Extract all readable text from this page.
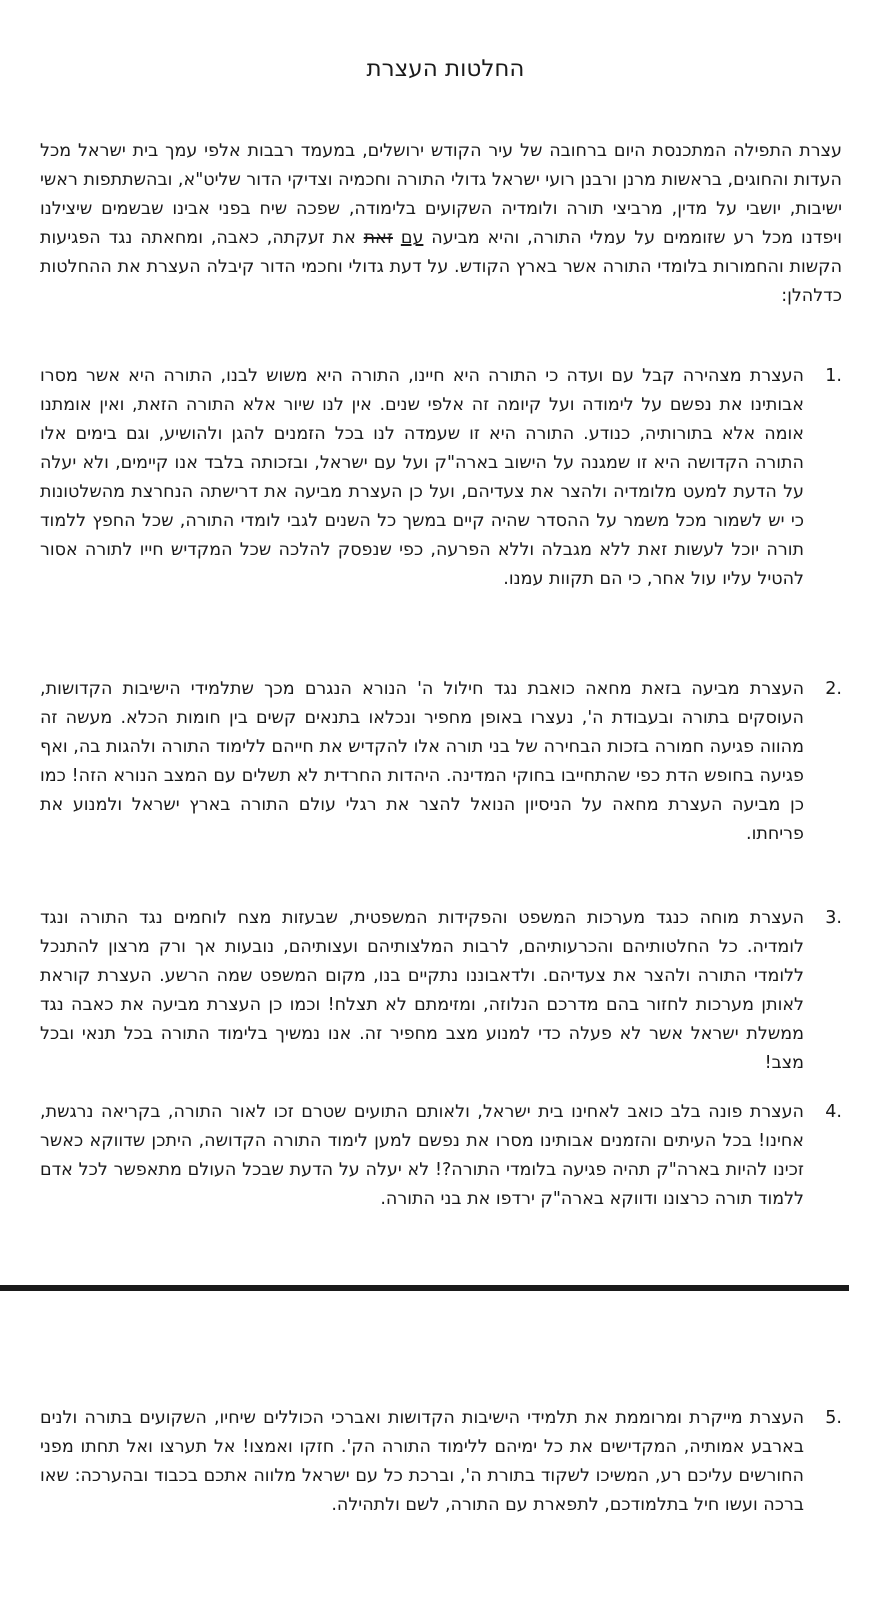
החלטות העצרת

עצרת התפילה המתכנסת היום ברחובה של עיר הקודש ירושלים, במעמד רבבות אלפי עמך בית ישראל מכל העדות והחוגים, בראשות מרנן ורבנן רועי ישראל גדולי התורה וחכמיה וצדיקי הדור שליט"א, ובהשתתפות ראשי ישיבות, יושבי על מדין, מרביצי תורה ולומדיה השקועים בלימודה, שפכה שיח בפני אבינו שבשמים שיצילנו ויפדנו מכל רע שזוממים על עמלי התורה, והיא מביעה עם זאת את זעקתה, כאבה, ומחאתה נגד הפגיעות הקשות והחמורות בלומדי התורה אשר בארץ הקודש. על דעת גדולי וחכמי הדור קיבלה העצרת את ההחלטות כדלהלן:

1.
העצרת מצהירה קבל עם ועדה כי התורה היא חיינו, התורה היא משוש לבנו, התורה היא אשר מסרו אבותינו את נפשם על לימודה ועל קיומה זה אלפי שנים. אין לנו שיור אלא התורה הזאת, ואין אומתנו אומה אלא בתורותיה, כנודע. התורה היא זו שעמדה לנו בכל הזמנים להגן ולהושיע, וגם בימים אלו התורה הקדושה היא זו שמגנה על הישוב בארה"ק ועל עם ישראל, ובזכותה בלבד אנו קיימים, ולא יעלה על הדעת למעט מלומדיה ולהצר את צעדיהם, ועל כן העצרת מביעה את דרישתה הנחרצת מהשלטונות כי יש לשמור מכל משמר על ההסדר שהיה קיים במשך כל השנים לגבי לומדי התורה, שכל החפץ ללמוד תורה יוכל לעשות זאת ללא מגבלה וללא הפרעה, כפי שנפסק להלכה שכל המקדיש חייו לתורה אסור להטיל עליו עול אחר, כי הם תקוות עמנו.
2.
העצרת מביעה בזאת מחאה כואבת נגד חילול ה' הנורא הנגרם מכך שתלמידי הישיבות הקדושות, העוסקים בתורה ובעבודת ה', נעצרו באופן מחפיר ונכלאו בתנאים קשים בין חומות הכלא. מעשה זה מהווה פגיעה חמורה בזכות הבחירה של בני תורה אלו להקדיש את חייהם ללימוד התורה ולהגות בה, ואף פגיעה בחופש הדת כפי שהתחייבו בחוקי המדינה. היהדות החרדית לא תשלים עם המצב הנורא הזה! כמו כן מביעה העצרת מחאה על הניסיון הנואל להצר את רגלי עולם התורה בארץ ישראל ולמנוע את פריחתו.
3.
העצרת מוחה כנגד מערכות המשפט והפקידות המשפטית, שבעזות מצח לוחמים נגד התורה ונגד לומדיה. כל החלטותיהם והכרעותיהם, לרבות המלצותיהם ועצותיהם, נובעות אך ורק מרצון להתנכל ללומדי התורה ולהצר את צעדיהם. ולדאבוננו נתקיים בנו, מקום המשפט שמה הרשע. העצרת קוראת לאותן מערכות לחזור בהם מדרכם הנלוזה, ומזימתם לא תצלח! וכמו כן העצרת מביעה את כאבה נגד ממשלת ישראל אשר לא פעלה כדי למנוע מצב מחפיר זה. אנו נמשיך בלימוד התורה בכל תנאי ובכל מצב!
4.
העצרת פונה בלב כואב לאחינו בית ישראל, ולאותם התועים שטרם זכו לאור התורה, בקריאה נרגשת, אחינו! בכל העיתים והזמנים אבותינו מסרו את נפשם למען לימוד התורה הקדושה, היתכן שדווקא כאשר זכינו להיות בארה"ק תהיה פגיעה בלומדי התורה?! לא יעלה על הדעת שבכל העולם מתאפשר לכל אדם ללמוד תורה כרצונו ודווקא בארה"ק ירדפו את בני התורה.
5.
העצרת מייקרת ומרוממת את תלמידי הישיבות הקדושות ואברכי הכוללים שיחיו, השקועים בתורה ולנים בארבע אמותיה, המקדישים את כל ימיהם ללימוד התורה הק'. חזקו ואמצו! אל תערצו ואל תחתו מפני החורשים עליכם רע, המשיכו לשקוד בתורת ה', וברכת כל עם ישראל מלווה אתכם בכבוד ובהערכה: שאו ברכה ועשו חיל בתלמודכם, לתפארת עם התורה, לשם ולתהילה.
